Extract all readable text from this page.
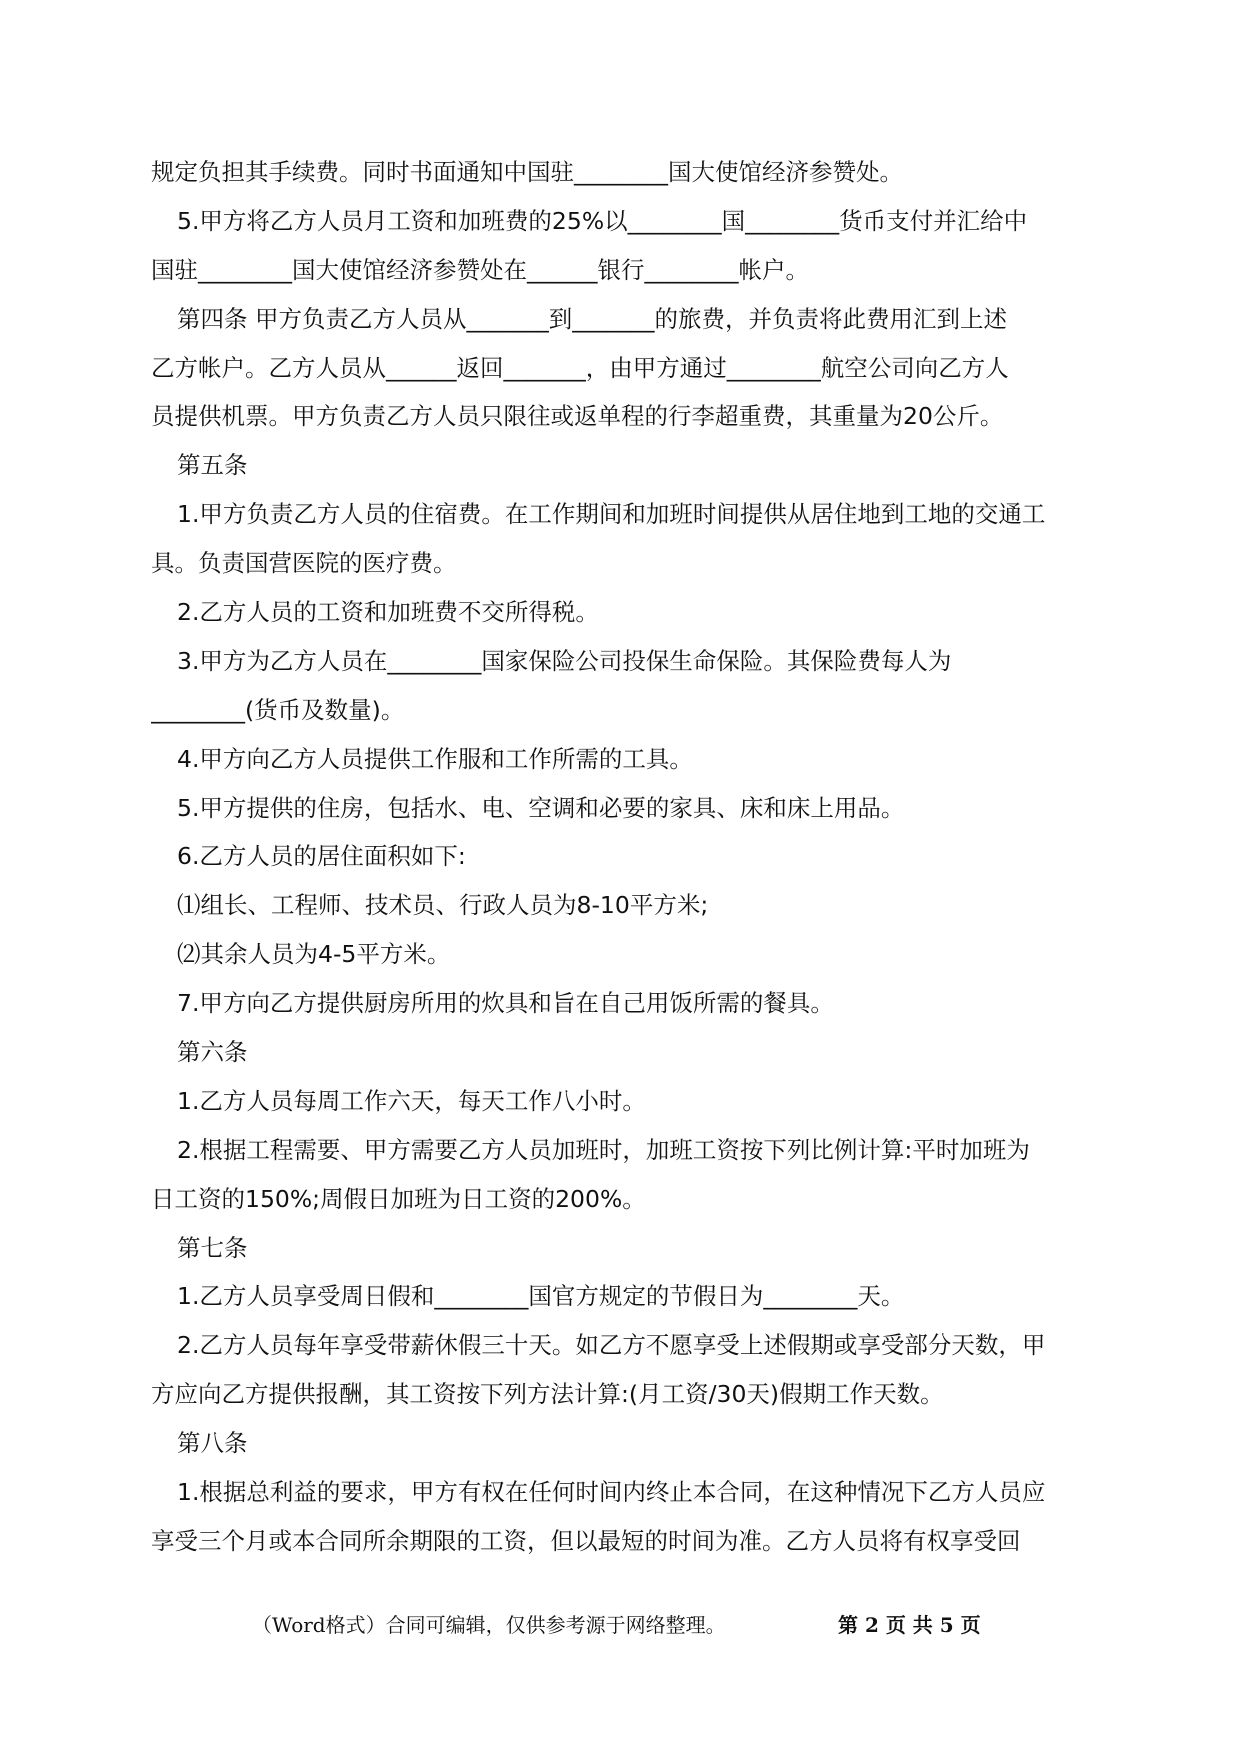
规定负担其手续费。同时书面通知中国驻________国大使馆经济参赞处。
5.甲方将乙方人员月工资和加班费的25%以________国________货币支付并汇给中
国驻________国大使馆经济参赞处在______银行________帐户。
第四条 甲方负责乙方人员从_______到_______的旅费，并负责将此费用汇到上述
乙方帐户。乙方人员从______返回_______，由甲方通过________航空公司向乙方人
员提供机票。甲方负责乙方人员只限往或返单程的行李超重费，其重量为20公斤。
第五条
1.甲方负责乙方人员的住宿费。在工作期间和加班时间提供从居住地到工地的交通工
具。负责国营医院的医疗费。
2.乙方人员的工资和加班费不交所得税。
3.甲方为乙方人员在________国家保险公司投保生命保险。其保险费每人为
________(货币及数量)。
4.甲方向乙方人员提供工作服和工作所需的工具。
5.甲方提供的住房，包括水、电、空调和必要的家具、床和床上用品。
6.乙方人员的居住面积如下:
⑴组长、工程师、技术员、行政人员为8-10平方米;
⑵其余人员为4-5平方米。
7.甲方向乙方提供厨房所用的炊具和旨在自己用饭所需的餐具。
第六条
1.乙方人员每周工作六天，每天工作八小时。
2.根据工程需要、甲方需要乙方人员加班时，加班工资按下列比例计算:平时加班为
日工资的150%;周假日加班为日工资的200%。
第七条
1.乙方人员享受周日假和________国官方规定的节假日为________天。
2.乙方人员每年享受带薪休假三十天。如乙方不愿享受上述假期或享受部分天数，甲
方应向乙方提供报酬，其工资按下列方法计算:(月工资/30天)假期工作天数。
第八条
1.根据总利益的要求，甲方有权在任何时间内终止本合同，在这种情况下乙方人员应
享受三个月或本合同所余期限的工资，但以最短的时间为准。乙方人员将有权享受回
（Word格式）合同可编辑，仅供参考源于网络整理。	第 2 页 共 5 页
